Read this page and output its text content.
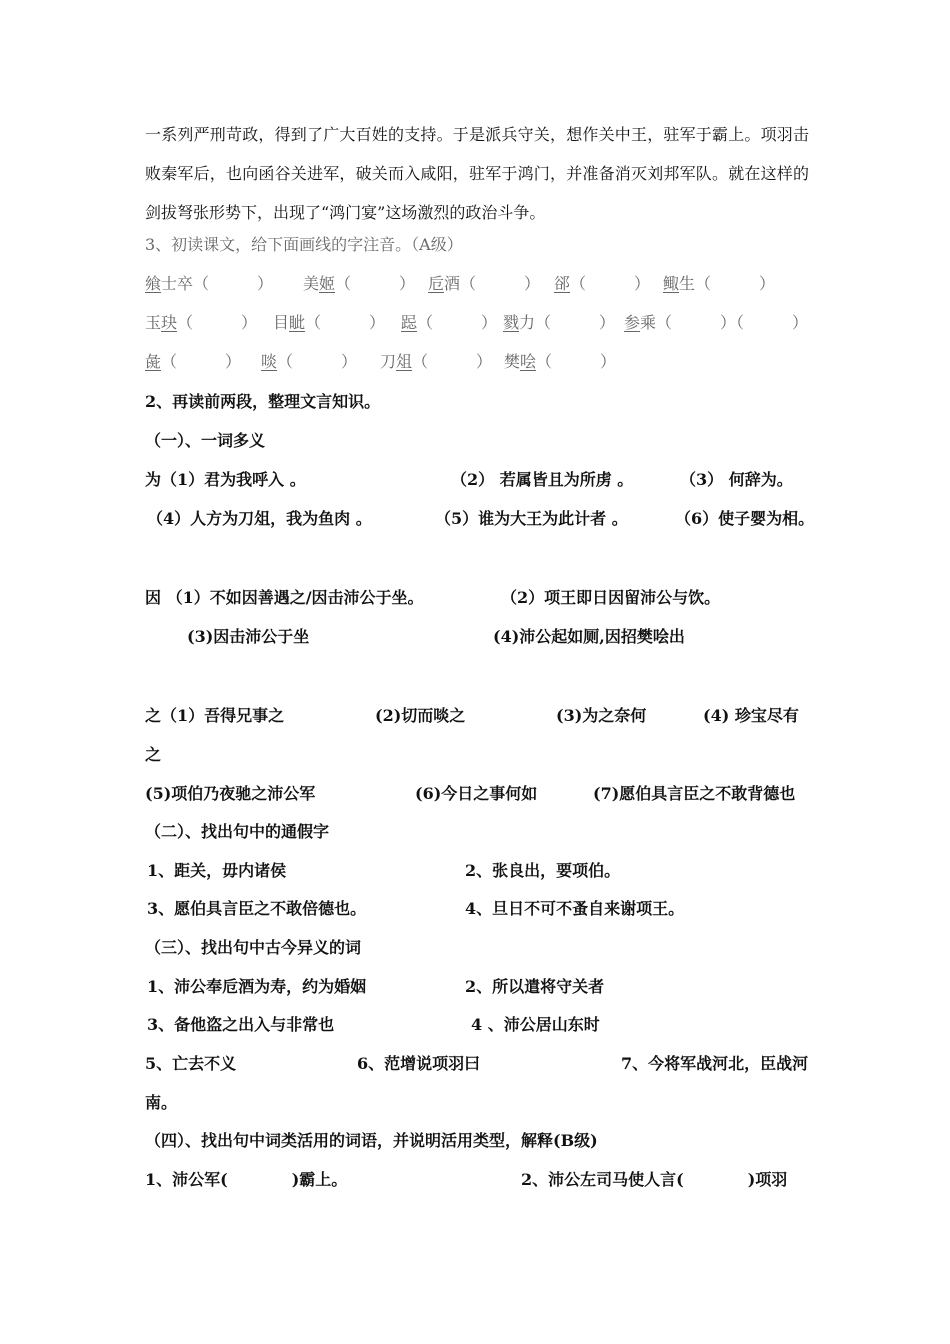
一系列严刑苛政，得到了广大百姓的支持。于是派兵守关，想作关中王，驻军于霸上。项羽击
败秦军后，也向函谷关进军，破关而入咸阳，驻军于鸿门，并准备消灭刘邦军队。就在这样的
剑拔弩张形势下，出现了“鸿门宴”这场激烈的政治斗争。
3、初读课文，给下面画线的字注音。（A级）
飨士卒（　　　） 美姬（　　　） 卮酒（　　　） 郤（　　　） 鲰生（　　　）
玉玦（　　　） 目眦（　　　） 跽（　　　） 戮力（　　　） 参乘（　　　）（　　　）
彘（　　　） 啖（　　　） 刀俎（　　　） 樊哙（　　　）
2、再读前两段，整理文言知识。
（一）、一词多义
为（1）君为我呼入 。	（2） 若属皆且为所虏 。	（3） 何辞为。
（4）人方为刀俎，我为鱼肉 。	（5）谁为大王为此计者 。	（6）使子婴为相。
因 （1）不如因善遇之/因击沛公于坐。	（2）项王即日因留沛公与饮。
(3)因击沛公于坐	(4)沛公起如厕,因招樊哙出
之（1）吾得兄事之	(2)切而啖之	(3)为之奈何	(4) 珍宝尽有
之
(5)项伯乃夜驰之沛公军	(6)今日之事何如	(7)愿伯具言臣之不敢背德也
（二）、找出句中的通假字
1、距关，毋内诸侯	2、张良出，要项伯。
3、愿伯具言臣之不敢倍德也。	4、旦日不可不蚤自来谢项王。
（三）、找出句中古今异义的词
1、沛公奉卮酒为寿，约为婚姻	2、所以遣将守关者
3、备他盗之出入与非常也	4 、沛公居山东时
5、亡去不义	6、范增说项羽曰	7、今将军战河北，臣战河
南。
（四）、找出句中词类活用的词语，并说明活用类型，解释(B级)
1、沛公军(　　　　)霸上。	2、沛公左司马使人言(　　　　)项羽
